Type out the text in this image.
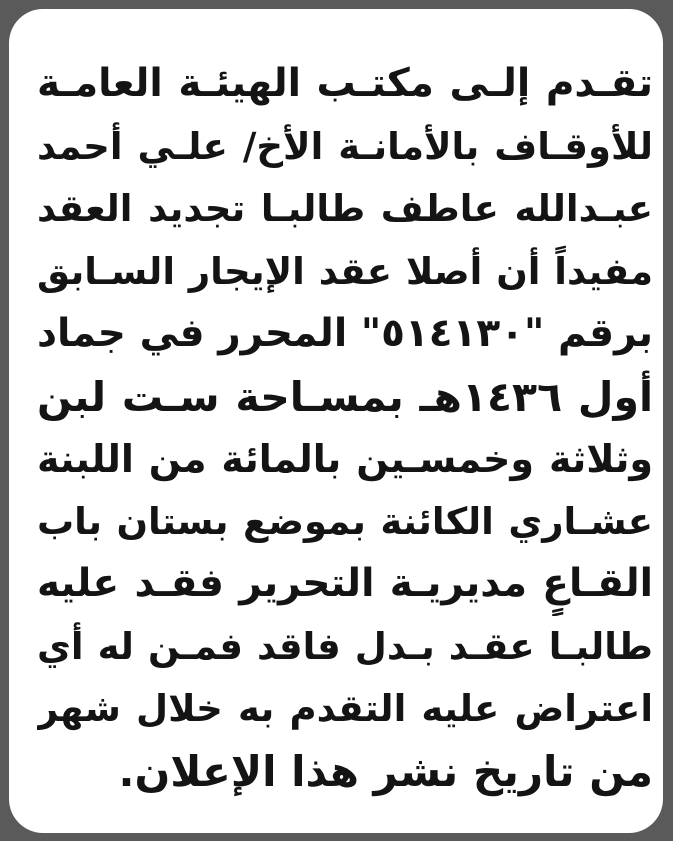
تقـدم إلـى مكتـب الهيئـة العامـة
للأوقـاف بالأمانـة الأخ/ علـي أحمد
عبـدالله عاطف طالبـا تجديد العقد
مفيداً أن أصلا عقد الإيجار السـابق
برقم "٥١٤١٣٠" المحرر في جماد
أول ١٤٣٦هـ بمسـاحة سـت لبن
وثلاثة وخمسـين بالمائة من اللبنة
عشـاري الكائنة بموضع بستان باب
القـاعٍ مديريـة التحرير فقـد عليه
طالبـا عقـد بـدل فاقد فمـن له أي
اعتراض عليه التقدم به خلال شهر
من تاريخ نشر هذا الإعلان.
